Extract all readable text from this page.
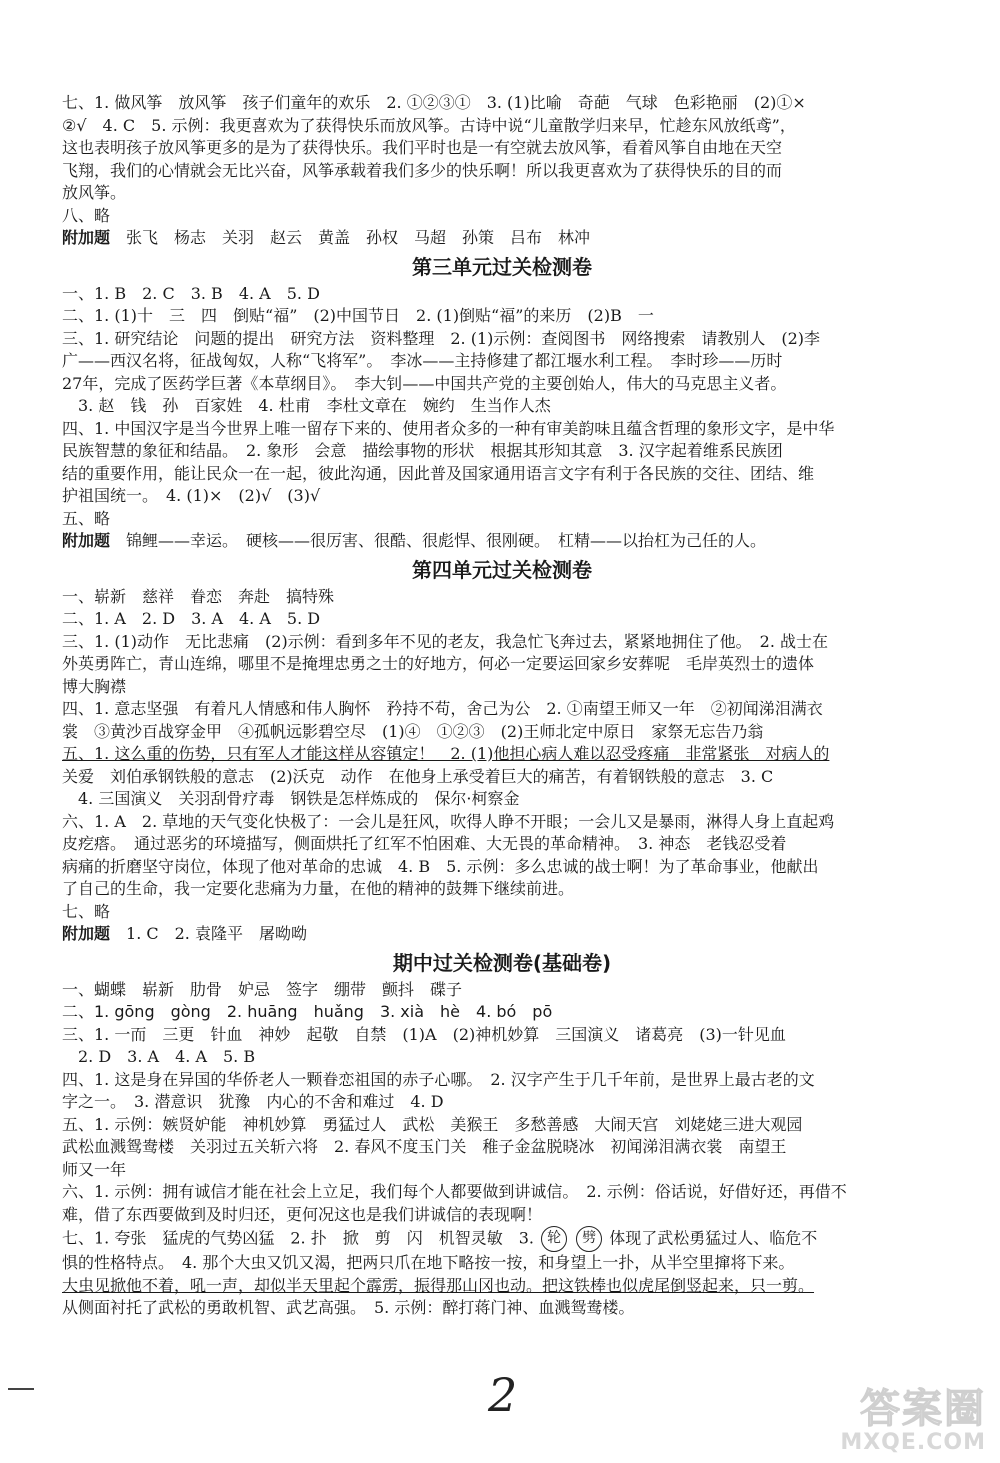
七、1. 做风筝　放风筝　孩子们童年的欢乐　2. ①②③①　3. (1)比喻　奇葩　气球　色彩艳丽　(2)①×
②√　4. C　5. 示例：我更喜欢为了获得快乐而放风筝。古诗中说“儿童散学归来早，忙趁东风放纸鸢”，
这也表明孩子放风筝更多的是为了获得快乐。我们平时也是一有空就去放风筝，看着风筝自由地在天空
飞翔，我们的心情就会无比兴奋，风筝承载着我们多少的快乐啊！所以我更喜欢为了获得快乐的目的而
放风筝。
八、略
附加题　 张飞　杨志　关羽　赵云　黄盖　孙权　马超　孙策　吕布　林冲
第三单元过关检测卷
一、1. B　2. C　3. B　4. A　5. D
二、1. (1)十　三　四　倒贴“福”　(2)中国节日　2. (1)倒贴“福”的来历　(2)B　一
三、1. 研究结论　问题的提出　研究方法　资料整理　2. (1)示例：查阅图书　网络搜索　请教别人　(2)李
广——西汉名将，征战匈奴，人称“飞将军”。　李冰——主持修建了都江堰水利工程。　李时珍——历时
27年，完成了医药学巨著《本草纲目》。　李大钊——中国共产党的主要创始人，伟大的马克思主义者。
　3. 赵　钱　孙　百家姓　4. 杜甫　李杜文章在　婉约　生当作人杰
四、1. 中国汉字是当今世界上唯一留存下来的、使用者众多的一种有审美韵味且蕴含哲理的象形文字，是中华
民族智慧的象征和结晶。　2. 象形　会意　描绘事物的形状　根据其形知其意　3. 汉字起着维系民族团
结的重要作用，能让民众一在一起，彼此沟通，因此普及国家通用语言文字有利于各民族的交往、团结、维
护祖国统一。　4. (1)×　(2)√　(3)√
五、略
附加题　 锦鲤——幸运。　硬核——很厉害、很酷、很彪悍、很刚硬。　杠精——以抬杠为己任的人。
第四单元过关检测卷
一、崭新　慈祥　眷恋　奔赴　搞特殊
二、1. A　2. D　3. A　4. A　5. D
三、1. (1)动作　无比悲痛　(2)示例：看到多年不见的老友，我急忙飞奔过去，紧紧地拥住了他。　2. 战士在
外英勇阵亡，青山连绵，哪里不是掩埋忠勇之士的好地方，何必一定要运回家乡安葬呢　毛岸英烈士的遗体
博大胸襟
四、1. 意志坚强　有着凡人情感和伟人胸怀　矜持不苟，舍己为公　2. ①南望王师又一年　②初闻涕泪满衣
裳　③黄沙百战穿金甲　④孤帆远影碧空尽　(1)④　①②③　(2)王师北定中原日　家祭无忘告乃翁
五、1. 这么重的伤势，只有军人才能这样从容镇定！　2. (1)他担心病人难以忍受疼痛　非常紧张　对病人的
关爱　刘伯承钢铁般的意志　(2)沃克　动作　在他身上承受着巨大的痛苦，有着钢铁般的意志　3. C
　4. 三国演义　关羽刮骨疗毒　钢铁是怎样炼成的　保尔·柯察金
六、1. A　2. 草地的天气变化快极了：一会儿是狂风，吹得人睁不开眼；一会儿又是暴雨，淋得人身上直起鸡
皮疙瘩。　通过恶劣的环境描写，侧面烘托了红军不怕困难、大无畏的革命精神。　3. 神态　老钱忍受着
病痛的折磨坚守岗位，体现了他对革命的忠诚　4. B　5. 示例：多么忠诚的战士啊！为了革命事业，他献出
了自己的生命，我一定要化悲痛为力量，在他的精神的鼓舞下继续前进。
七、略
附加题　 1. C　2. 袁隆平　屠呦呦
期中过关检测卷(基础卷)
一、蝴蝶　崭新　肋骨　妒忌　签字　绷带　颤抖　碟子
二、1. gōng　gòng　2. huāng　huǎng　3. xià　hè　4. bó　pō
三、1. 一而　三更　针血　神妙　起敬　自禁　(1)A　(2)神机妙算　三国演义　诸葛亮　(3)一针见血
　2. D　3. A　4. A　5. B
四、1. 这是身在异国的华侨老人一颗眷恋祖国的赤子心哪。　2. 汉字产生于几千年前，是世界上最古老的文
字之一。　3. 潜意识　犹豫　内心的不舍和难过　4. D
五、1. 示例：嫉贤妒能　神机妙算　勇猛过人　武松　美猴王　多愁善感　大闹天宫　刘姥姥三进大观园
武松血溅鸳鸯楼　关羽过五关斩六将　2. 春风不度玉门关　稚子金盆脱晓冰　初闻涕泪满衣裳　南望王
师又一年
六、1. 示例：拥有诚信才能在社会上立足，我们每个人都要做到讲诚信。　2. 示例：俗话说，好借好还，再借不
难，借了东西要做到及时归还，更何况这也是我们讲诚信的表现啊！
七、1. 夸张　猛虎的气势凶猛　2. 扑　掀　剪　闪　机智灵敏　3. 轮 劈 体现了武松勇猛过人、临危不
惧的性格特点。　4. 那个大虫又饥又渴，把两只爪在地下略按一按，和身望上一扑，从半空里撺将下来。
大虫见掀他不着，吼一声，却似半天里起个霹雳，振得那山冈也动。把这铁棒也似虎尾倒竖起来，只一剪。
从侧面衬托了武松的勇敢机智、武艺高强。　5. 示例：醉打蒋门神、血溅鸳鸯楼。
2	答案圈
MXQE.COM
